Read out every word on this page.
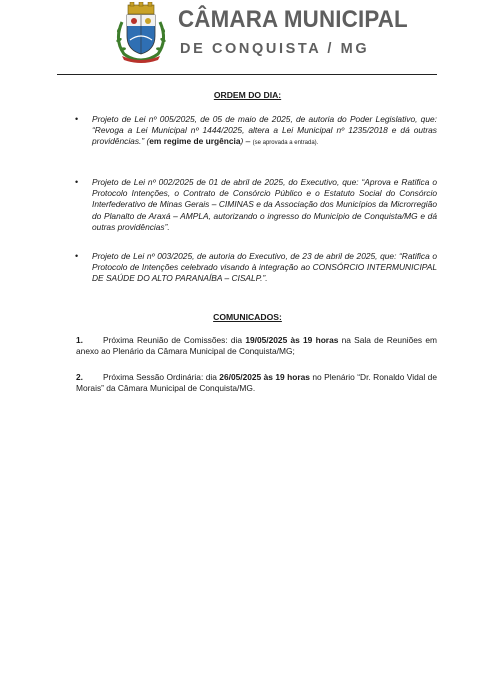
CÂMARA MUNICIPAL
DE CONQUISTA / MG
ORDEM DO DIA:
• Projeto de Lei nº 005/2025, de 05 de maio de 2025, de autoria do Poder Legislativo, que: “Revoga a Lei Municipal nº 1444/2025, altera a Lei Municipal nº 1235/2018 e dá outras providências.” (em regime de urgência) – (se aprovada a entrada).
• Projeto de Lei nº 002/2025 de 01 de abril de 2025, do Executivo, que: “Aprova e Ratifica o Protocolo Intenções, o Contrato de Consórcio Público e o Estatuto Social do Consórcio Interfederativo de Minas Gerais – CIMINAS e da Associação dos Municípios da Microrregião do Planalto de Araxá – AMPLA, autorizando o ingresso do Município de Conquista/MG e dá outras providências”.
• Projeto de Lei nº 003/2025, de autoria do Executivo, de 23 de abril de 2025, que: “Ratifica o Protocolo de Intenções celebrado visando à integração ao CONSÓRCIO INTERMUNICIPAL DE SAÚDE DO ALTO PARANAÍBA – CISALP.”.
COMUNICADOS:
1. Próxima Reunião de Comissões: dia 19/05/2025 às 19 horas na Sala de Reuniões em anexo ao Plenário da Câmara Municipal de Conquista/MG;
2. Próxima Sessão Ordinária: dia 26/05/2025 às 19 horas no Plenário “Dr. Ronaldo Vidal de Morais” da Câmara Municipal de Conquista/MG.
